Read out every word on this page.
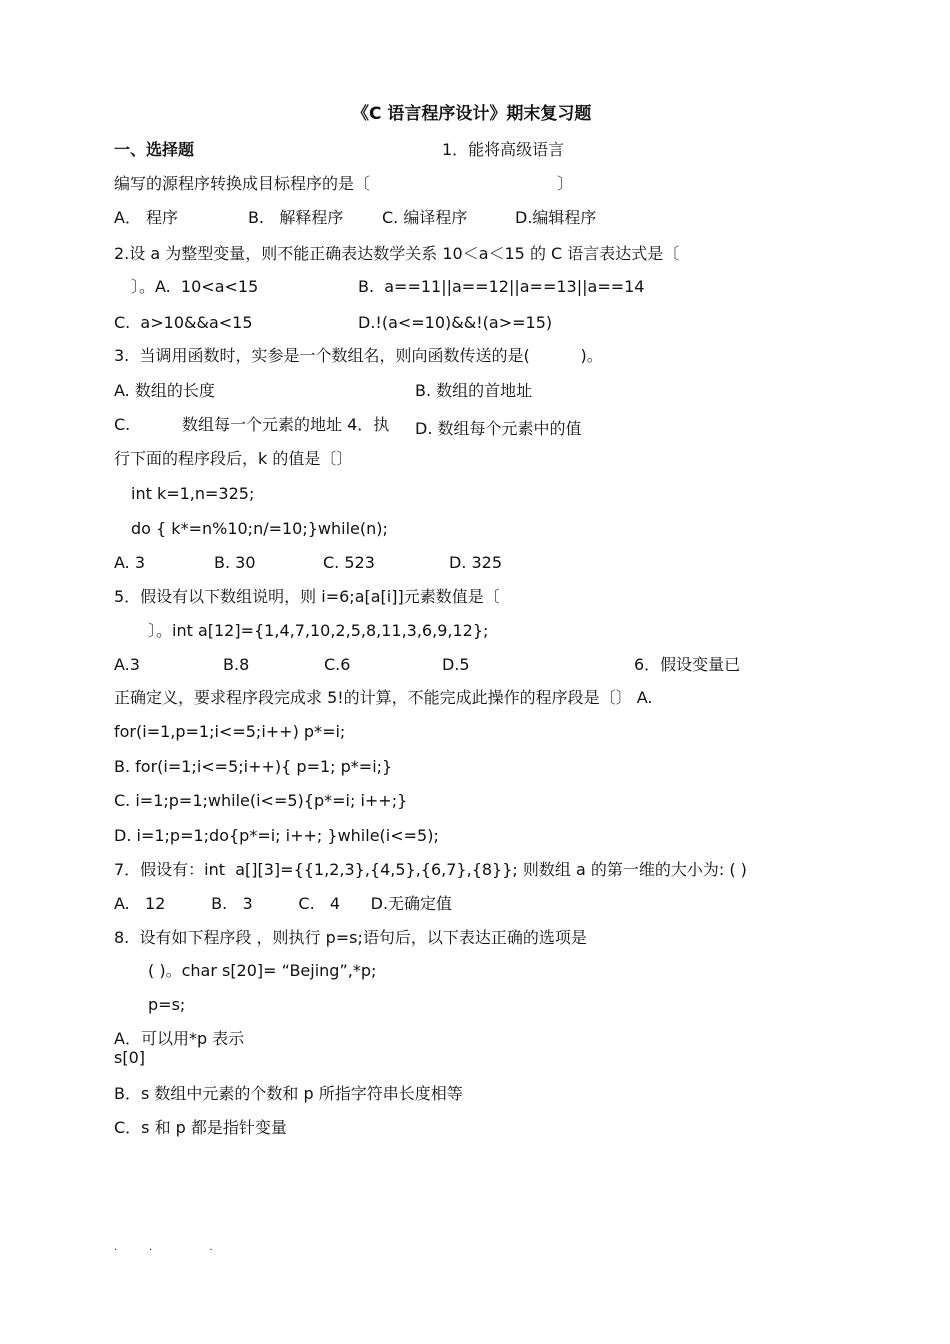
《C 语言程序设计》期末复习题
一、选择题	1．能将高级语言
编写的源程序转换成目标程序的是〔	〕
A． 程序	B.   解释程序 C. 编译程序	D.编辑程序
2.设 a 为整型变量，则不能正确表达数学关系 10＜a＜15 的 C 语言表达式是〔
〕。A.  10<a<15	B.  a==11||a==12||a==13||a==14
C.  a>10&&a<15	D.!(a<=10)&&!(a>=15)
3.  当调用函数时，实参是一个数组名，则向函数传送的是(          )。
A. 数组的长度	B. 数组的首地址
C.	数组每一个元素的地址 4．执 D. 数组每个元素中的值
行下面的程序段后，k 的值是〔〕
int k=1,n=325;
do { k*=n%10;n/=10;}while(n);
A. 3	B. 30	C. 523	D. 325
5．假设有以下数组说明，则 i=6;a[a[i]]元素数值是〔
〕。int a[12]={1,4,7,10,2,5,8,11,3,6,9,12};
A.3	B.8	C.6	D.5	6．假设变量已
正确定义，要求程序段完成求 5!的计算，不能完成此操作的程序段是〔〕 A.
for(i=1,p=1;i<=5;i++) p*=i;
B. for(i=1;i<=5;i++){ p=1; p*=i;}
C. i=1;p=1;while(i<=5){p*=i; i++;}
D. i=1;p=1;do{p*=i; i++; }while(i<=5);
7．假设有：int  a[][3]={{1,2,3},{4,5},{6,7},{8}}; 则数组 a 的第一维的大小为: ( )
A.   12         B.   3         C.   4      D.无确定值
8.  设有如下程序段 ，则执行 p=s;语句后，以下表达正确的选项是
( )。char s[20]= “Bejing”,*p;
p=s;
A．可以用*p 表示
s[0]
B．s 数组中元素的个数和 p 所指字符串长度相等
C．s 和 p 都是指针变量
.          .                  .
